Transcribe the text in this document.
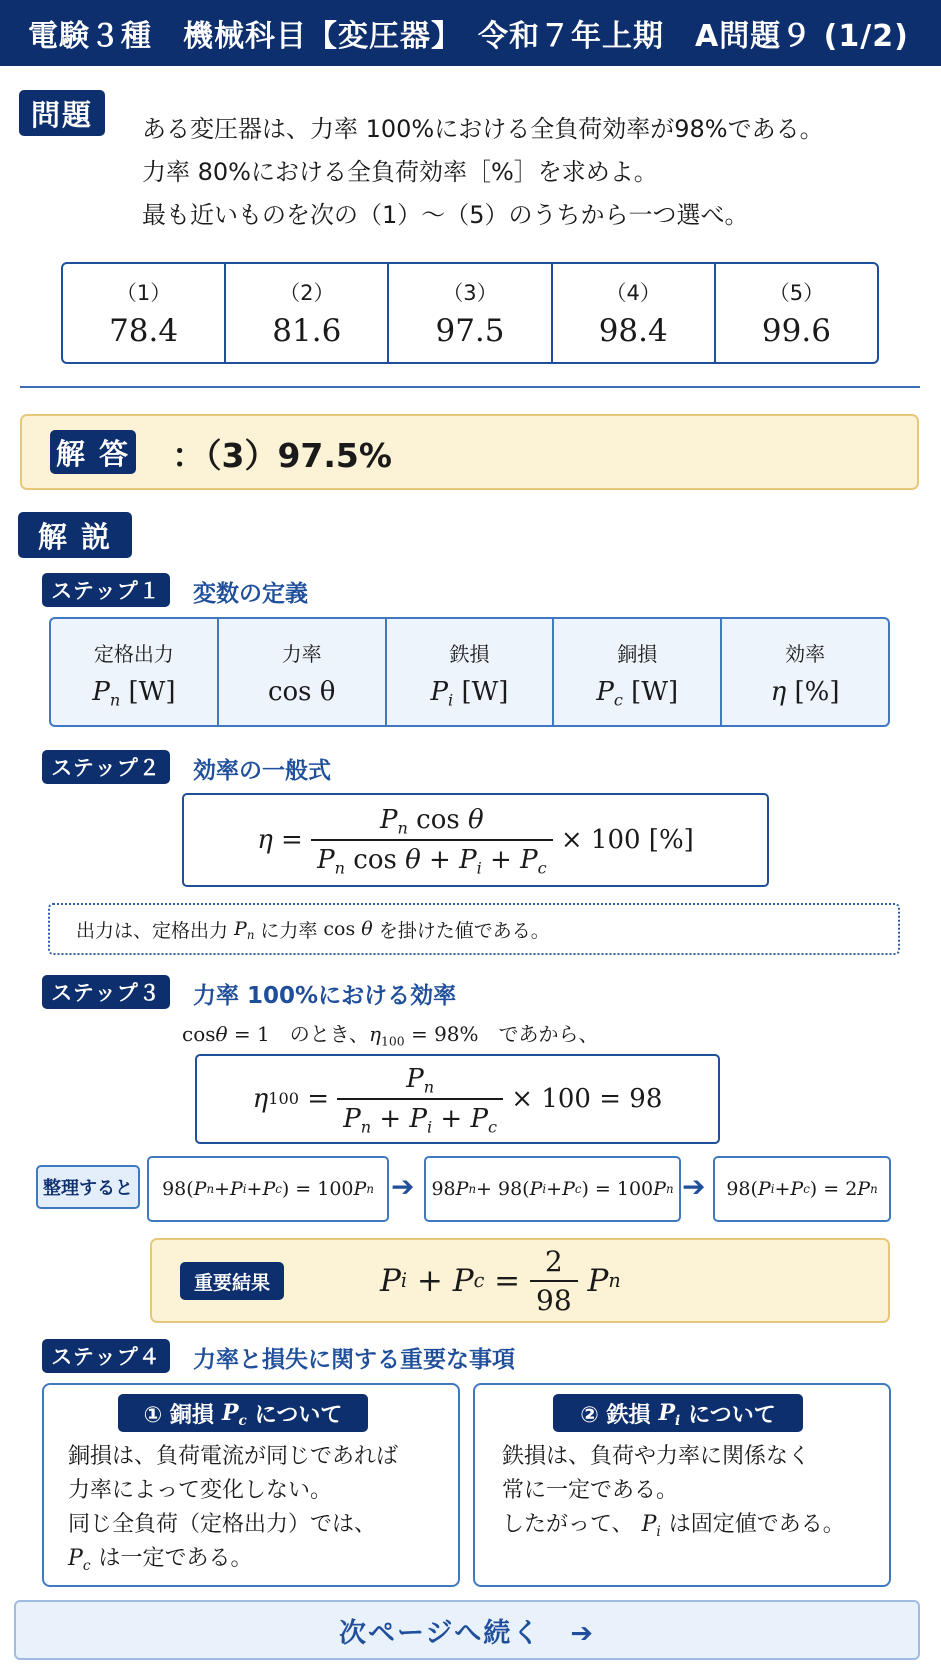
電験３種　機械科目【変圧器】　令和７年上期　A問題９ (1/2)
問題 ある変圧器は、力率 100%における全負荷効率が98%である。
力率 80%における全負荷効率［%］を求めよ。
最も近いものを次の（1）～（5）のうちから一つ選べ。
（1）
78.4
（2）
81.6
（3）
97.5
（4）
98.4
（5）
99.6
解 答 ：（3）97.5%
解 説
ステップ１ 変数の定義
定格出力
$P_n$ [W]
力率
cos θ
鉄損
$P_i$ [W]
銅損
$P_c$ [W]
効率
η [%]
ステップ２ 効率の一般式
$\eta = \frac{P_n \cos \theta}{P_n \cos \theta + P_i + P_c} \times 100$ [%]
出力は、定格出力 $P_n$ に力率 cos θ を掛けた値である。
ステップ３ 力率 100%における効率
cosθ = 1　のとき、$\eta_{100} = 98\%$　 であから、
η $100 = \frac{P_n}{P_n + P_i + P_c} \times 100 = 98$
整理すると	98( P n + P i + P c ) = 100 P n ➔ 98 P n + 98( P i + P c ) = 100 P n ➔	98( P i + P c ) = 2 P n
重要結果	P i + P $c = \frac{2}{98}$
P n
ステップ４ 力率と損失に関する重要な事項
① 銅損 $P_c$ について
銅損は、負荷電流が同じであれば
力率によって変化しない。
同じ全負荷（定格出力）では、
$P_c$ は一定である。
② 鉄損 $P_i$ について
鉄損は、負荷や力率に関係なく
常に一定である。
したがって、 $P_i$ は固定値である。
次ページへ続く　➔
